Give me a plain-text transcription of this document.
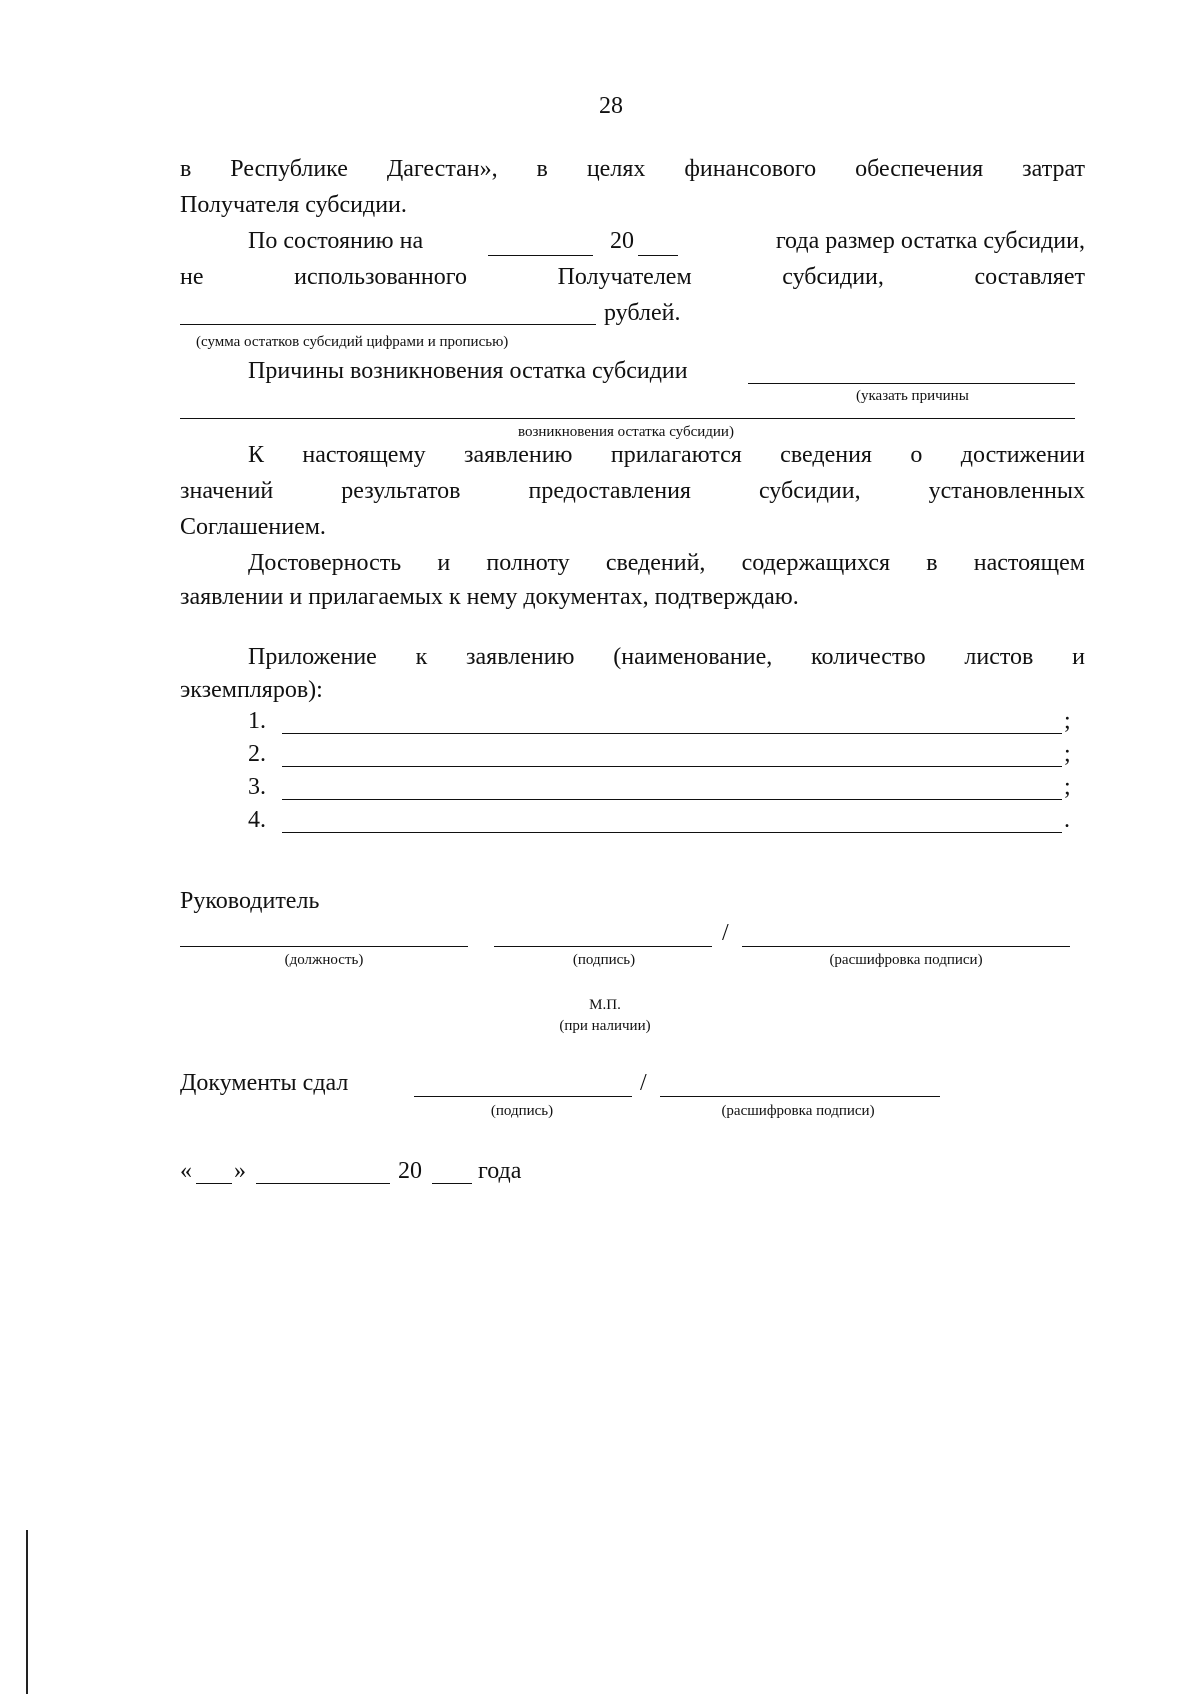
28
в Республике Дагестан», в целях финансового обеспечения затрат
Получателя субсидии.
По состоянию на	20	года размер остатка субсидии,
не использованного Получателем субсидии, составляет
рублей.
(сумма остатков субсидий цифрами и прописью)
Причины возникновения остатка субсидии
(указать причины
возникновения остатка субсидии)
К настоящему заявлению прилагаются сведения о достижении
значений результатов предоставления субсидии, установленных
Соглашением.
Достоверность и полноту сведений, содержащихся в настоящем
заявлении и прилагаемых к нему документах, подтверждаю.
Приложение к заявлению (наименование, количество листов и
экземпляров):
1.	;
2.	;
3.	;
4.	.
Руководитель
/
(должность)	(подпись)	(расшифровка подписи)
М.П.
(при наличии)
Документы сдал	/
(подпись)	(расшифровка подписи)
« »	20 года
